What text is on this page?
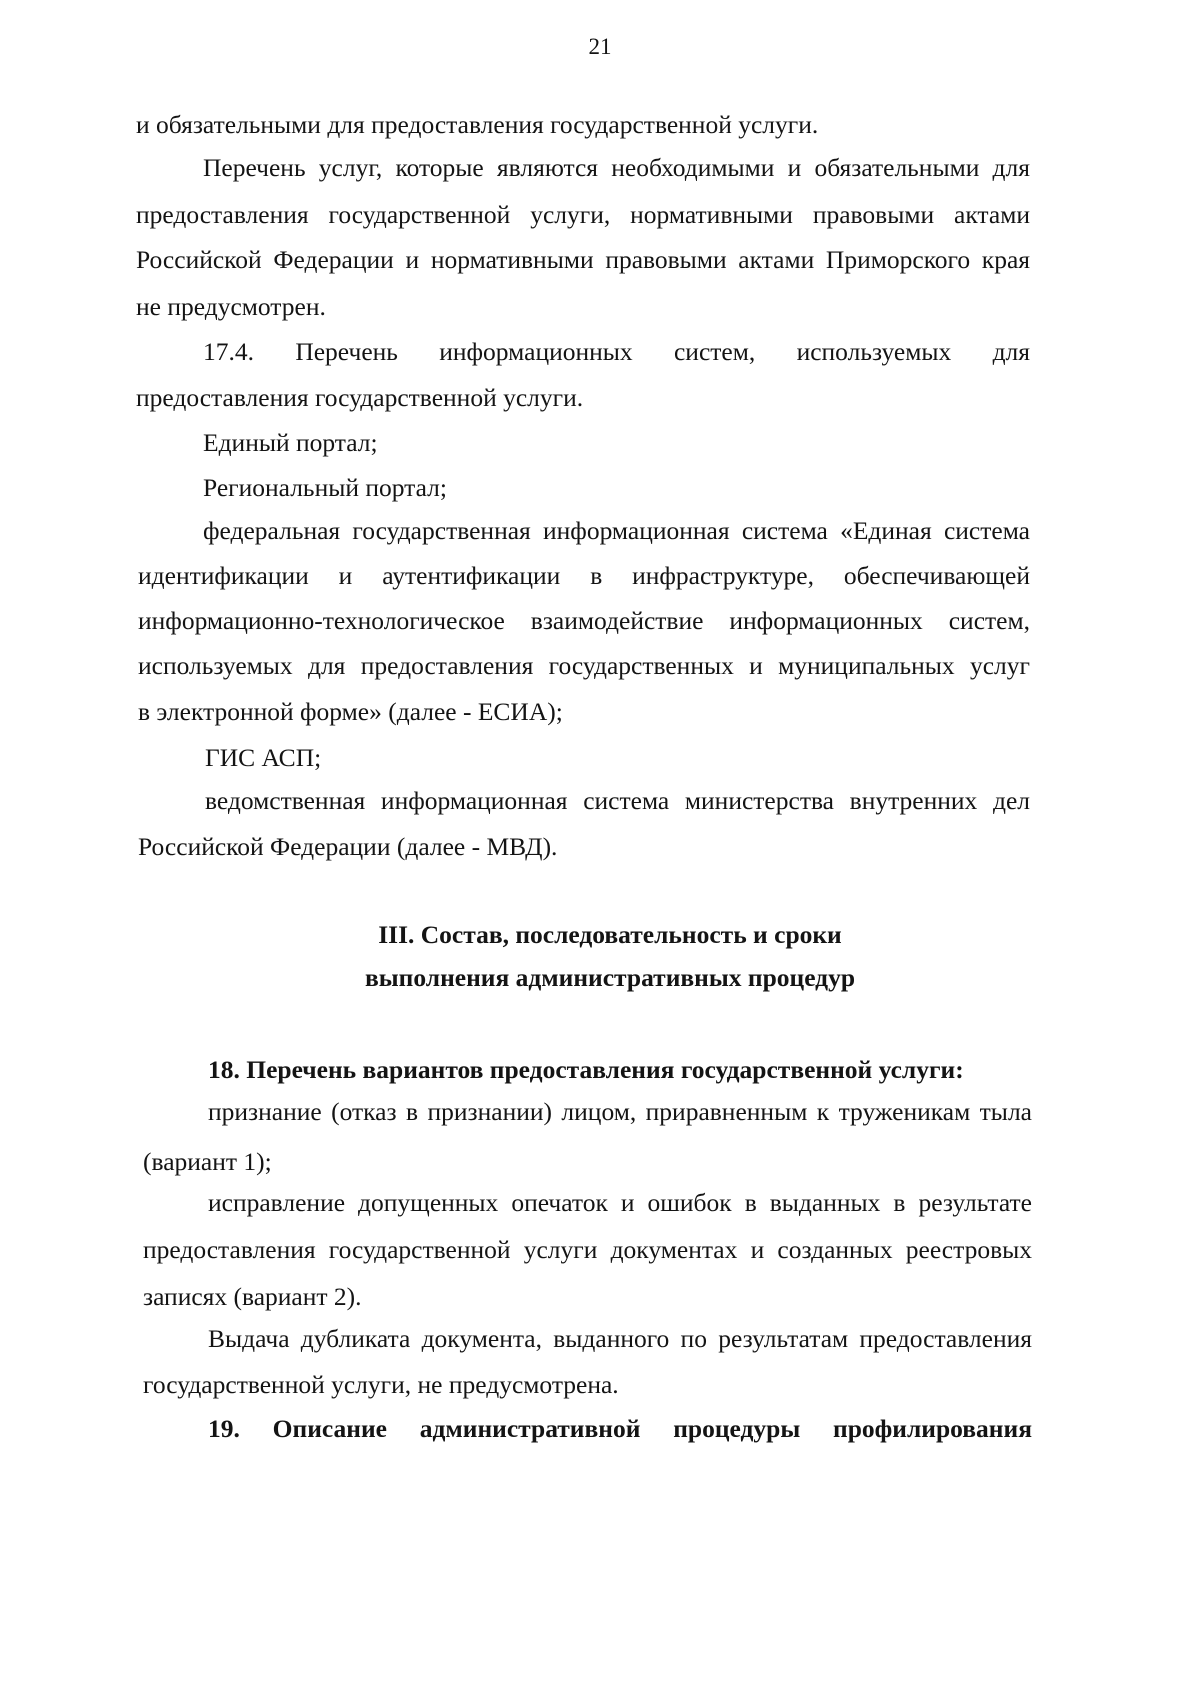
21
и обязательными для предоставления государственной услуги.
Перечень услуг, которые являются необходимыми и обязательными для
предоставления государственной услуги, нормативными правовыми актами
Российской Федерации и нормативными правовыми актами Приморского края
не предусмотрен.
17.4. Перечень информационных систем, используемых для
предоставления государственной услуги.
Единый портал;
Региональный портал;
федеральная государственная информационная система «Единая система
идентификации и аутентификации в инфраструктуре, обеспечивающей
информационно-технологическое взаимодействие информационных систем,
используемых для предоставления государственных и муниципальных услуг
в электронной форме» (далее - ЕСИА);
ГИС АСП;
ведомственная информационная система министерства внутренних дел
Российской Федерации (далее - МВД).
III. Состав, последовательность и сроки
выполнения административных процедур
18. Перечень вариантов предоставления государственной услуги:
признание (отказ в признании) лицом, приравненным к труженикам тыла
(вариант 1);
исправление допущенных опечаток и ошибок в выданных в результате
предоставления государственной услуги документах и созданных реестровых
записях (вариант 2).
Выдача дубликата документа, выданного по результатам предоставления
государственной услуги, не предусмотрена.
19. Описание административной процедуры профилирования
